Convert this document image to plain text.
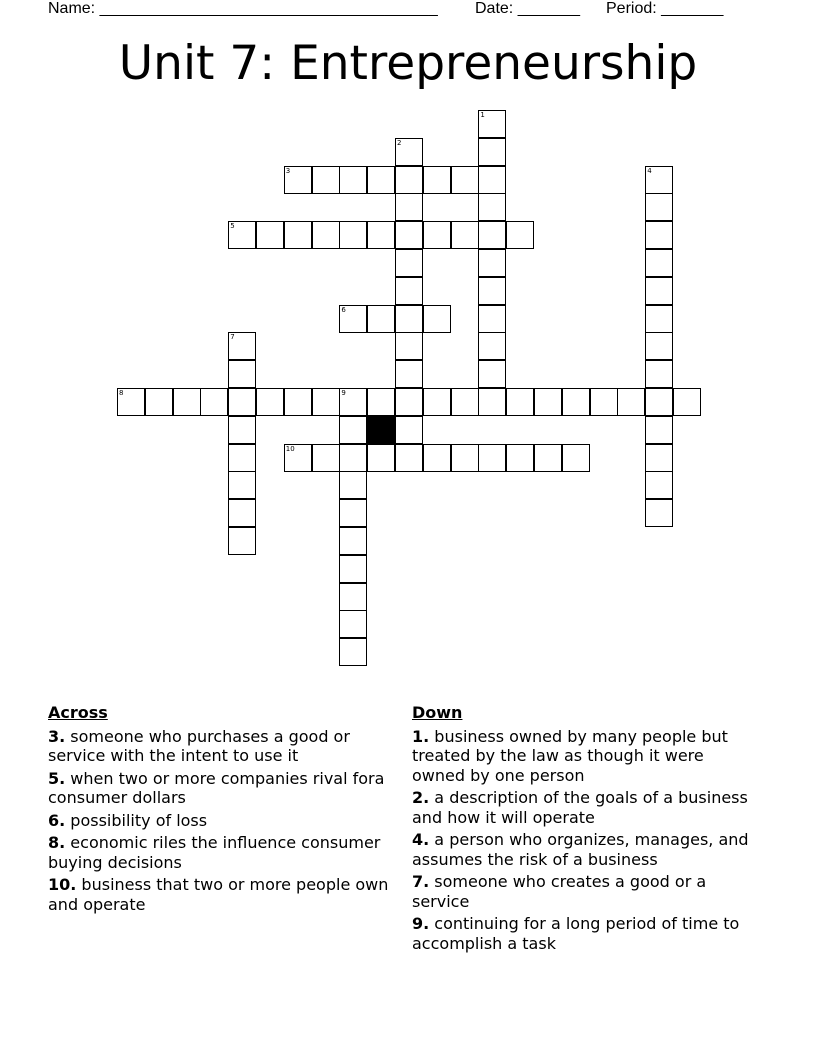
Name: ______________________________________ Date: _______ Period: _______
Unit 7: Entrepreneurship
1
2
3	4
5
6
7
8	9
10
Across
3. someone who purchases a good or service with the intent to use it
5. when two or more companies rival fora consumer dollars
6. possibility of loss
8. economic riles the influence consumer buying decisions
10. business that two or more people own and operate
Down
1. business owned by many people but treated by the law as though it were owned by one person
2. a description of the goals of a business and how it will operate
4. a person who organizes, manages, and assumes the risk of a business
7. someone who creates a good or a service
9. continuing for a long period of time to accomplish a task
